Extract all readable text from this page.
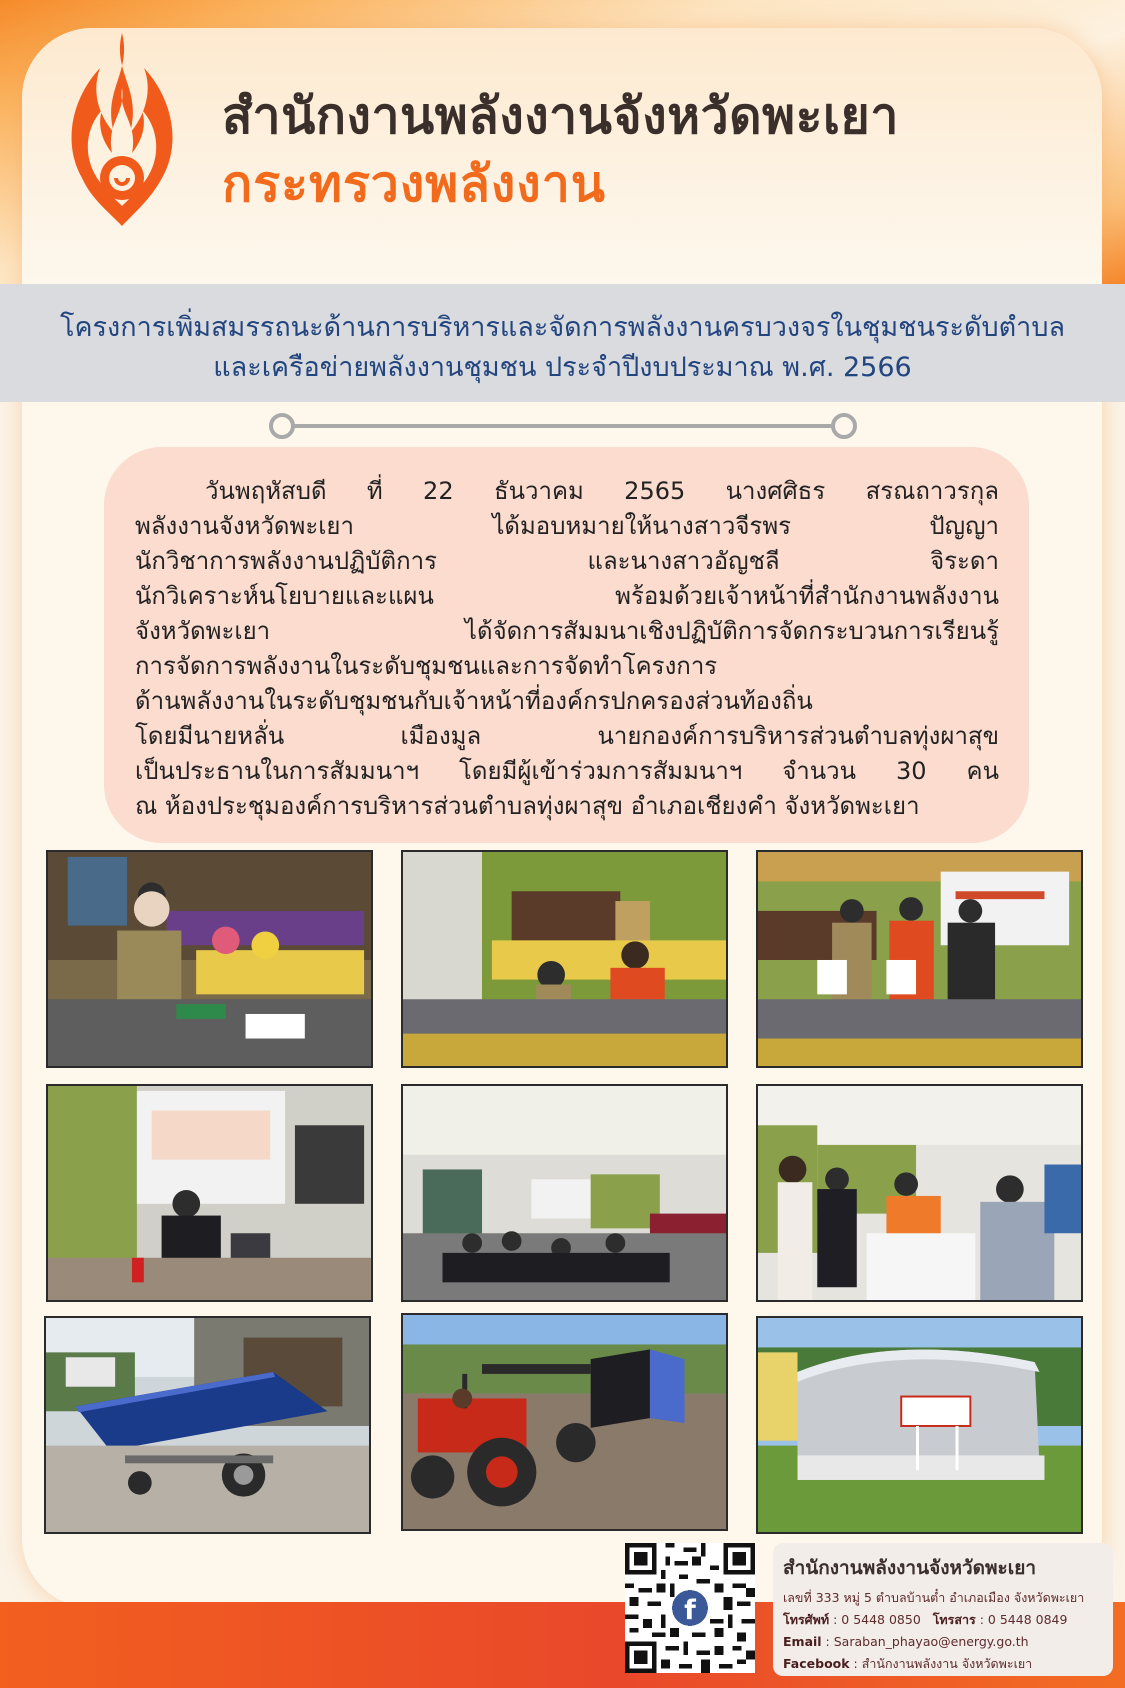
สำนักงานพลังงานจังหวัดพะเยา
กระทรวงพลังงาน
โครงการเพิ่มสมรรถนะด้านการบริหารและจัดการพลังงานครบวงจรในชุมชนระดับตำบล
และเครือข่ายพลังงานชุมชน ประจำปีงบประมาณ พ.ศ. 2566
วันพฤหัสบดี ที่ 22 ธันวาคม 2565 นางศศิธร สรณถาวรกุล
พลังงานจังหวัดพะเยา ได้มอบหมายให้นางสาวจีรพร ปัญญา
นักวิชาการพลังงานปฏิบัติการ และนางสาวอัญชลี จิระดา
นักวิเคราะห์นโยบายและแผน พร้อมด้วยเจ้าหน้าที่สำนักงานพลังงาน
จังหวัดพะเยา ได้จัดการสัมมนาเชิงปฏิบัติการจัดกระบวนการเรียนรู้
การจัดการพลังงานในระดับชุมชนและการจัดทำโครงการ
ด้านพลังงานในระดับชุมชนกับเจ้าหน้าที่องค์กรปกครองส่วนท้องถิ่น
โดยมีนายหลั่น เมืองมูล นายกองค์การบริหารส่วนตำบลทุ่งผาสุข
เป็นประธานในการสัมมนาฯ โดยมีผู้เข้าร่วมการสัมมนาฯ จำนวน 30 คน
ณ ห้องประชุมองค์การบริหารส่วนตำบลทุ่งผาสุข อำเภอเชียงคำ จังหวัดพะเยา
f
สำนักงานพลังงานจังหวัดพะเยา
เลขที่ 333 หมู่ 5 ตำบลบ้านต๋ำ อำเภอเมือง จังหวัดพะเยา
โทรศัพท์ : 0 5448 0850 โทรสาร : 0 5448 0849
Email : Saraban_phayao@energy.go.th
Facebook : สำนักงานพลังงาน จังหวัดพะเยา
